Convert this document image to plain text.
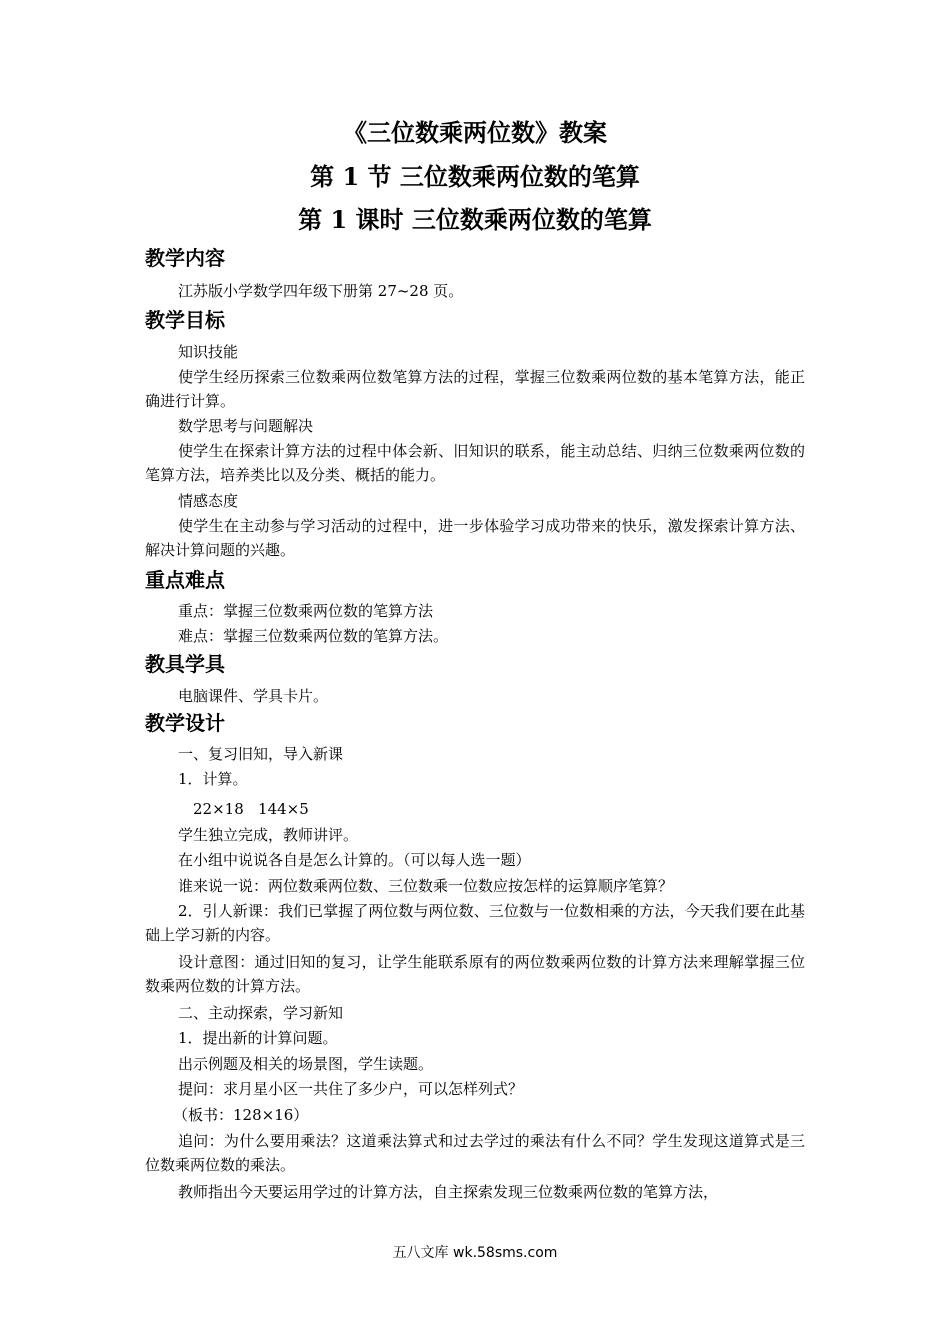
《三位数乘两位数》教案
第 1 节 三位数乘两位数的笔算
第 1 课时 三位数乘两位数的笔算
教学内容

江苏版小学数学四年级下册第 27~28 页。

教学目标

知识技能

使学生经历探索三位数乘两位数笔算方法的过程，掌握三位数乘两位数的基本笔算方法，能正确进行计算。

数学思考与问题解决

使学生在探索计算方法的过程中体会新、旧知识的联系，能主动总结、归纳三位数乘两位数的笔算方法，培养类比以及分类、概括的能力。

情感态度

使学生在主动参与学习活动的过程中，进一步体验学习成功带来的快乐，激发探索计算方法、解决计算问题的兴趣。

重点难点

重点：掌握三位数乘两位数的笔算方法

难点：掌握三位数乘两位数的笔算方法。

教具学具

电脑课件、学具卡片。

教学设计

一、复习旧知，导入新课

1．计算。

22×18   144×5

学生独立完成，教师讲评。

在小组中说说各自是怎么计算的。（可以每人选一题）

谁来说一说：两位数乘两位数、三位数乘一位数应按怎样的运算顺序笔算？

2．引人新课：我们已掌握了两位数与两位数、三位数与一位数相乘的方法，今天我们要在此基础上学习新的内容。

设计意图：通过旧知的复习，让学生能联系原有的两位数乘两位数的计算方法来理解掌握三位数乘两位数的计算方法。

二、主动探索，学习新知

1．提出新的计算问题。

出示例题及相关的场景图，学生读题。

提问：求月星小区一共住了多少户，可以怎样列式？

（板书：128×16）

追问：为什么要用乘法？这道乘法算式和过去学过的乘法有什么不同？学生发现这道算式是三位数乘两位数的乘法。

教师指出今天要运用学过的计算方法，自主探索发现三位数乘两位数的笔算方法，

五八文库 wk.58sms.com
